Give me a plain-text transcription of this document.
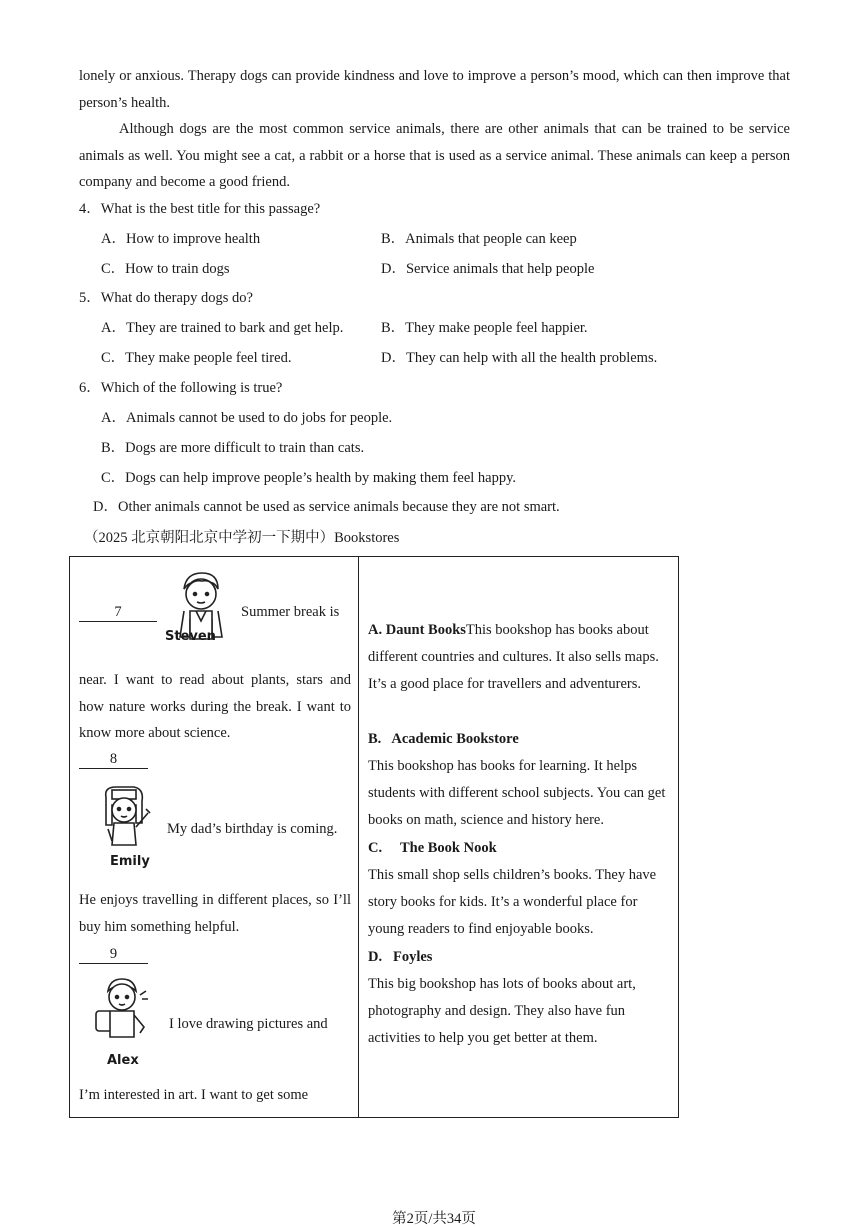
lonely or anxious. Therapy dogs can provide kindness and love to improve a person’s mood, which can then improve that person’s health.
Although dogs are the most common service animals, there are other animals that can be trained to be service animals as well. You might see a cat, a rabbit or a horse that is used as a service animal. These animals can keep a person company and become a good friend.
4．What is the best title for this passage?
A．How to improve health	B．Animals that people can keep
C．How to train dogs	D．Service animals that help people
5．What do therapy dogs do?
A．They are trained to bark and get help.	B．They make people feel happier.
C．They make people feel tired.	D．They can help with all the health problems.
6．Which of the following is true?
A．Animals cannot be used to do jobs for people.
B．Dogs are more difficult to train than cats.
C．Dogs can help improve people’s health by making them feel happy.
D．Other animals cannot be used as service animals because they are not smart.
（2025 北京朝阳北京中学初一下期中）Bookstores
7
Steven
Summer break is
near. I want to read about plants, stars and how nature works during the break. I want to know more about science.
8
Emily
My dad’s birthday is coming.
He enjoys travelling in different places, so I’ll buy him something helpful.
9
Alex
I love drawing pictures and
I’m interested in art. I want to get some

A. Daunt BooksThis bookshop has books about different countries and cultures. It also sells maps. It’s a good place for travellers and adventurers.
B.   Academic Bookstore
This bookshop has books for learning. It helps students with different school subjects. You can get books on math, science and history here.
C.     The Book Nook
This small shop sells children’s books. They have story books for kids. It’s a wonderful place for young readers to find enjoyable books.
D.   Foyles
This big bookshop has lots of books about art, photography and design. They also have fun activities to help you get better at them.
第2页/共34页
